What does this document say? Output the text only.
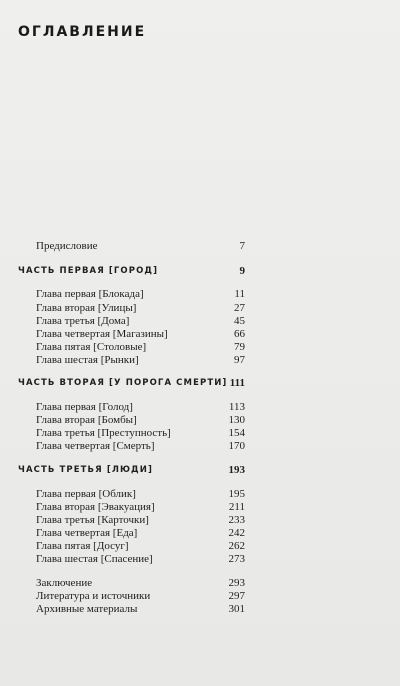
ОГЛАВЛЕНИЕ
Предисловие	7
ЧАСТЬ ПЕРВАЯ [ГОРОД]	9
Глава первая [Блокада]	11
Глава вторая [Улицы]	27
Глава третья [Дома]	45
Глава четвертая [Магазины]	66
Глава пятая [Столовые]	79
Глава шестая [Рынки]	97
ЧАСТЬ ВТОРАЯ [У ПОРОГА СМЕРТИ] 111
Глава первая [Голод]	113
Глава вторая [Бомбы]	130
Глава третья [Преступность]	154
Глава четвертая [Смерть]	170
ЧАСТЬ ТРЕТЬЯ [ЛЮДИ]	193
Глава первая [Облик]	195
Глава вторая [Эвакуация]	211
Глава третья [Карточки]	233
Глава четвертая [Еда]	242
Глава пятая [Досуг]	262
Глава шестая [Спасение]	273
Заключение	293
Литература и источники	297
Архивные материалы	301
